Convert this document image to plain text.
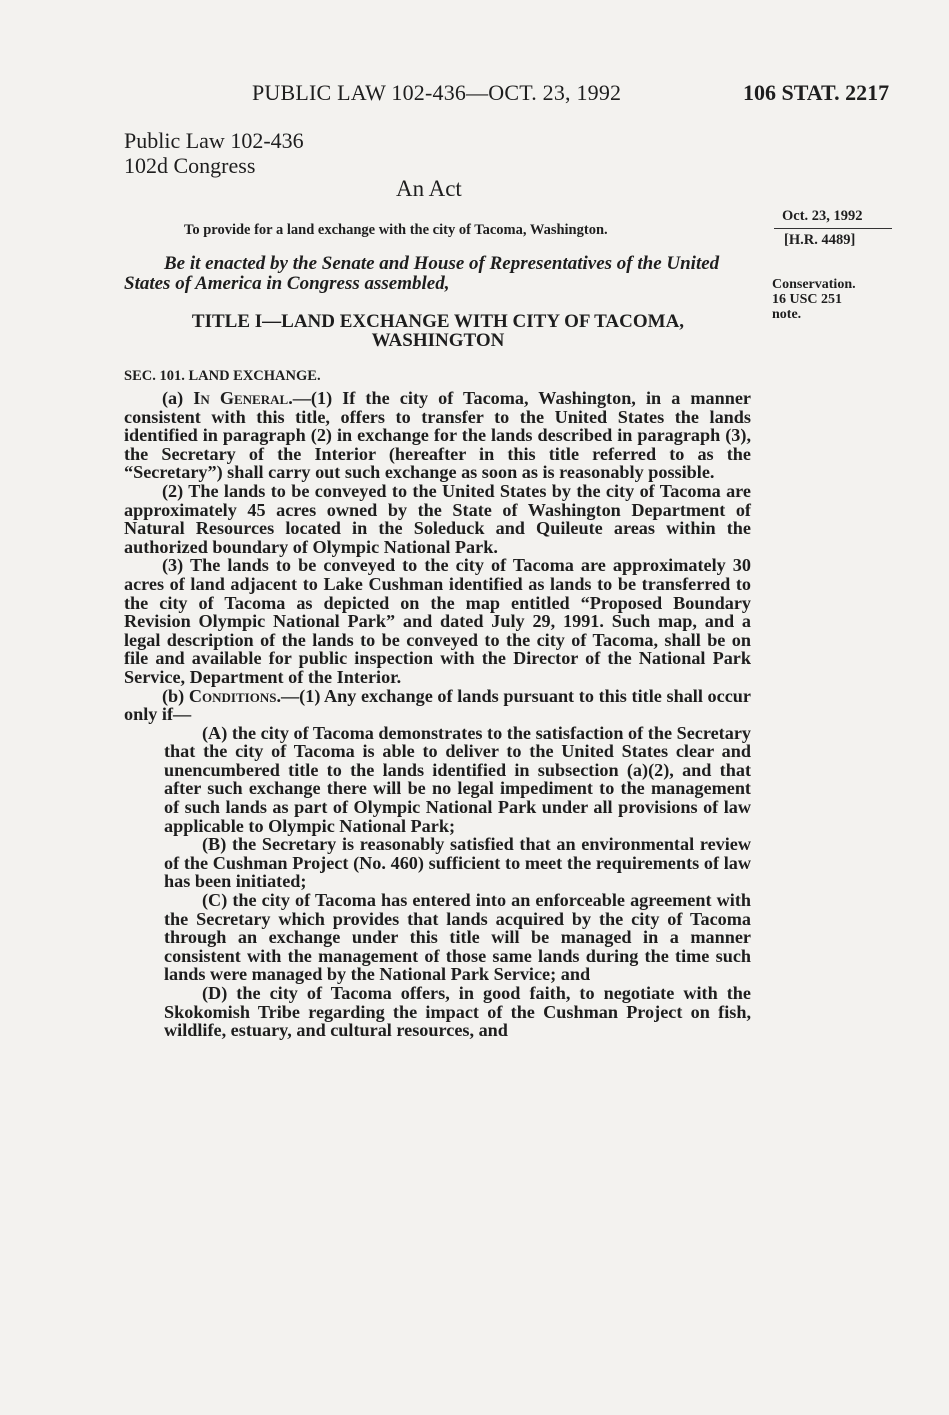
PUBLIC LAW 102-436—OCT. 23, 1992	106 STAT. 2217
Public Law 102-436
102d Congress
An Act
To provide for a land exchange with the city of Tacoma, Washington.
Oct. 23, 1992
[H.R. 4489]
Conservation.
16 USC 251
note.
Be it enacted by the Senate and House of Representatives of the United States of America in Congress assembled,
TITLE I—LAND EXCHANGE WITH CITY OF TACOMA,
WASHINGTON
SEC. 101. LAND EXCHANGE.

(a) In General.—(1) If the city of Tacoma, Washington, in a manner consistent with this title, offers to transfer to the United States the lands identified in paragraph (2) in exchange for the lands described in paragraph (3), the Secretary of the Interior (hereafter in this title referred to as the “Secretary”) shall carry out such exchange as soon as is reasonably possible.

(2) The lands to be conveyed to the United States by the city of Tacoma are approximately 45 acres owned by the State of Washington Department of Natural Resources located in the Soleduck and Quileute areas within the authorized boundary of Olympic National Park.

(3) The lands to be conveyed to the city of Tacoma are approximately 30 acres of land adjacent to Lake Cushman identified as lands to be transferred to the city of Tacoma as depicted on the map entitled “Proposed Boundary Revision Olympic National Park” and dated July 29, 1991. Such map, and a legal description of the lands to be conveyed to the city of Tacoma, shall be on file and available for public inspection with the Director of the National Park Service, Department of the Interior.

(b) Conditions.—(1) Any exchange of lands pursuant to this title shall occur only if—

(A) the city of Tacoma demonstrates to the satisfaction of the Secretary that the city of Tacoma is able to deliver to the United States clear and unencumbered title to the lands identified in subsection (a)(2), and that after such exchange there will be no legal impediment to the management of such lands as part of Olympic National Park under all provisions of law applicable to Olympic National Park;

(B) the Secretary is reasonably satisfied that an environmental review of the Cushman Project (No. 460) sufficient to meet the requirements of law has been initiated;

(C) the city of Tacoma has entered into an enforceable agreement with the Secretary which provides that lands acquired by the city of Tacoma through an exchange under this title will be managed in a manner consistent with the management of those same lands during the time such lands were managed by the National Park Service; and

(D) the city of Tacoma offers, in good faith, to negotiate with the Skokomish Tribe regarding the impact of the Cushman Project on fish, wildlife, estuary, and cultural resources, and
